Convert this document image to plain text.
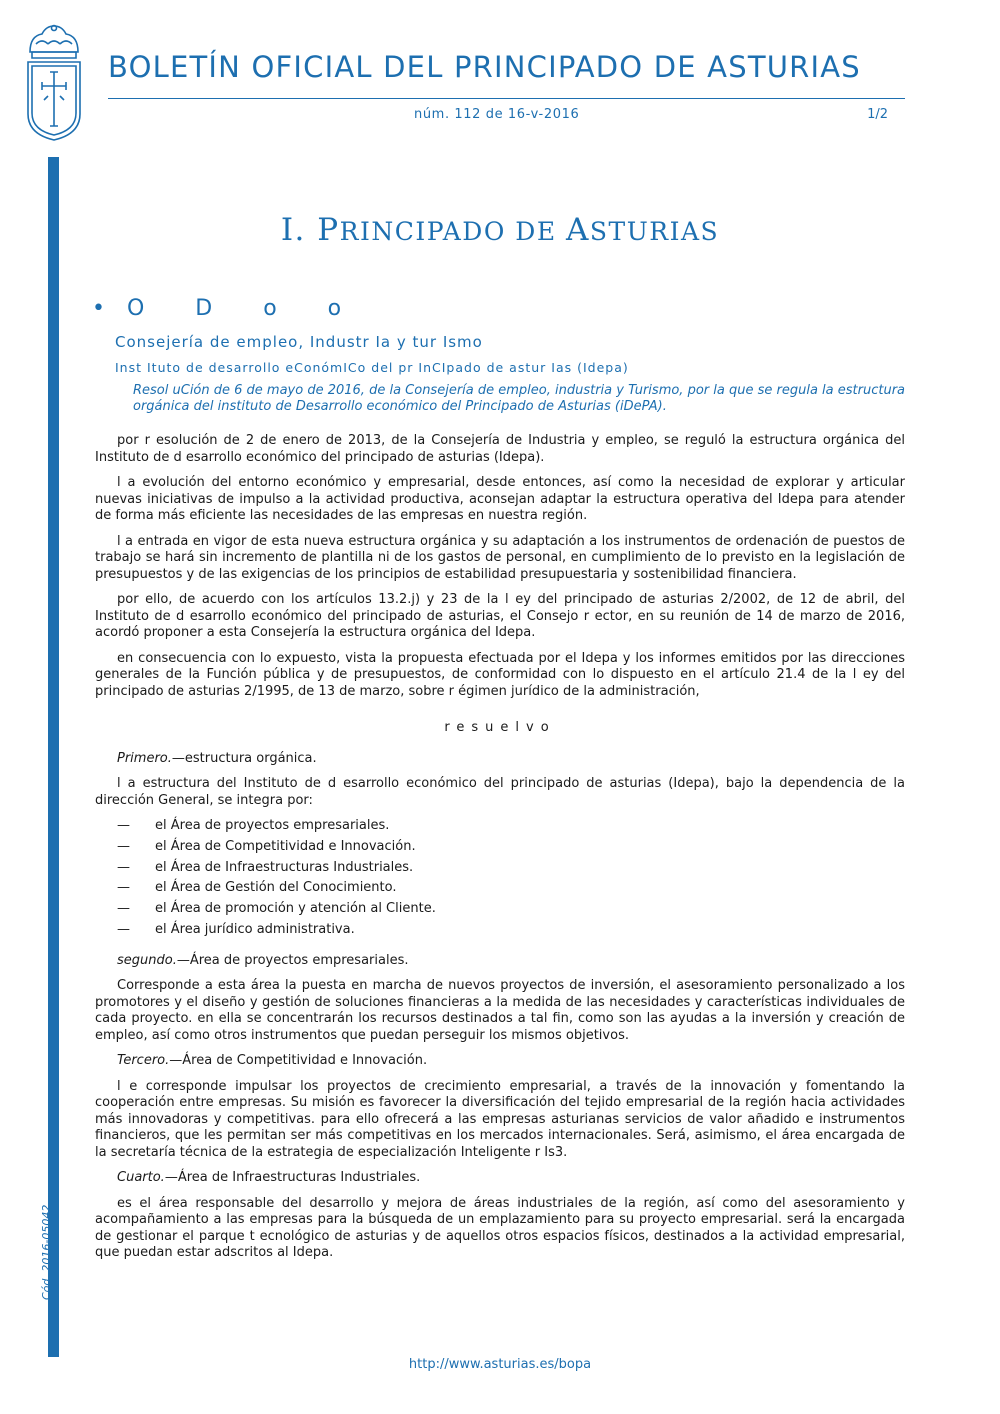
BOLETÍN OFICIAL DEL PRINCIPADO DE ASTURIAS
núm. 112 de 16-v-2016	1/2
Cód. 2016-05042
I. PRINCIPADO DE ASTURIAS
•O D o o
Consejería de empleo, Industr Ia y tur Ismo
Inst Ituto de desarrollo eConómICo del pr InCIpado de astur Ias (Idepa)
Resol uCión de 6 de mayo de 2016, de la Consejería de empleo, industria y Turismo, por la que se regula la estructura orgánica del instituto de Desarrollo económico del Principado de Asturias (iDePA).

por r esolución de 2 de enero de 2013, de la Consejería de Industria y empleo, se reguló la estructura orgánica del Instituto de d esarrollo económico del principado de asturias (Idepa).

l a evolución del entorno económico y empresarial, desde entonces, así como la necesidad de explorar y articular nuevas iniciativas de impulso a la actividad productiva, aconsejan adaptar la estructura operativa del Idepa para atender de forma más eficiente las necesidades de las empresas en nuestra región.

l a entrada en vigor de esta nueva estructura orgánica y su adaptación a los instrumentos de ordenación de puestos de trabajo se hará sin incremento de plantilla ni de los gastos de personal, en cumplimiento de lo previsto en la legislación de presupuestos y de las exigencias de los principios de estabilidad presupuestaria y sostenibilidad financiera.

por ello, de acuerdo con los artículos 13.2.j) y 23 de la l ey del principado de asturias 2/2002, de 12 de abril, del Instituto de d esarrollo económico del principado de asturias, el Consejo r ector, en su reunión de 14 de marzo de 2016, acordó proponer a esta Consejería la estructura orgánica del Idepa.

en consecuencia con lo expuesto, vista la propuesta efectuada por el Idepa y los informes emitidos por las direcciones generales de la Función pública y de presupuestos, de conformidad con lo dispuesto en el artículo 21.4 de la l ey del principado de asturias 2/1995, de 13 de marzo, sobre r égimen jurídico de la administración,

resuelvo

Primero.—estructura orgánica.

l a estructura del Instituto de d esarrollo económico del principado de asturias (Idepa), bajo la dependencia de la dirección General, se integra por:

— el Área de proyectos empresariales.
— el Área de Competitividad e Innovación.
— el Área de Infraestructuras Industriales.
— el Área de Gestión del Conocimiento.
— el Área de promoción y atención al Cliente.
— el Área jurídico administrativa.

segundo.—Área de proyectos empresariales.

Corresponde a esta área la puesta en marcha de nuevos proyectos de inversión, el asesoramiento personalizado a los promotores y el diseño y gestión de soluciones financieras a la medida de las necesidades y características individuales de cada proyecto. en ella se concentrarán los recursos destinados a tal fin, como son las ayudas a la inversión y creación de empleo, así como otros instrumentos que puedan perseguir los mismos objetivos.

Tercero.—Área de Competitividad e Innovación.

l e corresponde impulsar los proyectos de crecimiento empresarial, a través de la innovación y fomentando la cooperación entre empresas. Su misión es favorecer la diversificación del tejido empresarial de la región hacia actividades más innovadoras y competitivas. para ello ofrecerá a las empresas asturianas servicios de valor añadido e instrumentos financieros, que les permitan ser más competitivas en los mercados internacionales. Será, asimismo, el área encargada de la secretaría técnica de la estrategia de especialización Inteligente r Is3.

Cuarto.—Área de Infraestructuras Industriales.

es el área responsable del desarrollo y mejora de áreas industriales de la región, así como del asesoramiento y acompañamiento a las empresas para la búsqueda de un emplazamiento para su proyecto empresarial. será la encargada de gestionar el parque t ecnológico de asturias y de aquellos otros espacios físicos, destinados a la actividad empresarial, que puedan estar adscritos al Idepa.

http://www.asturias.es/bopa
